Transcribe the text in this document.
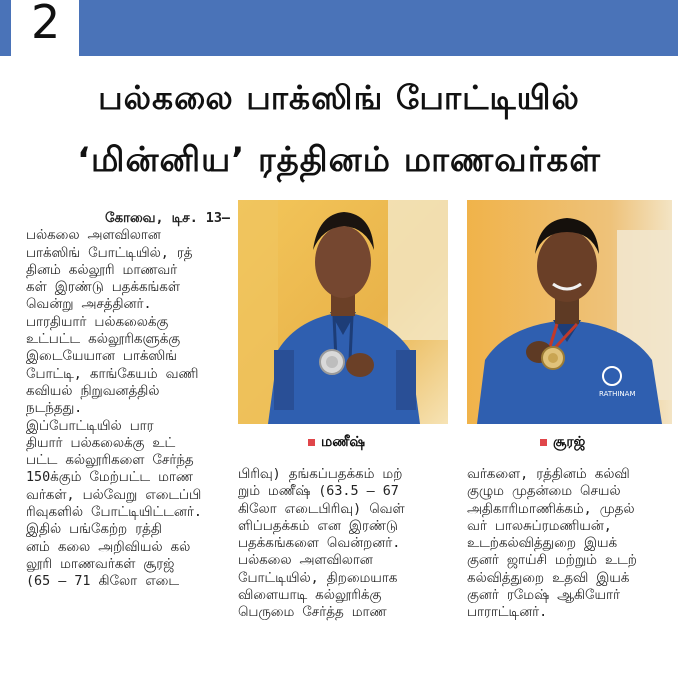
2
பல்கலை பாக்ஸிங் போட்டியில்
‘மின்னிய’ ரத்தினம் மாணவர்கள்

கோவை, டிச. 13–

பல்கலை அளவிலான

பாக்ஸிங் போட்டியில், ரத்

தினம் கல்லூரி மாணவர்

கள் இரண்டு பதக்கங்கள்

வென்று அசத்தினர்.

பாரதியார் பல்கலைக்கு

உட்பட்ட கல்லூரிகளுக்கு

இடையேயான பாக்ஸிங்

போட்டி, காங்கேயம் வணி

கவியல் நிறுவனத்தில்

நடந்தது.

இப்போட்டியில் பார

தியார் பல்கலைக்கு உட்

பட்ட கல்லூரிகளை சேர்ந்த

150க்கும் மேற்பட்ட மாண

வர்கள், பல்வேறு எடைப்பி

ரிவுகளில் போட்டியிட்டனர்.

இதில் பங்கேற்ற ரத்தி

னம் கலை அறிவியல் கல்

லூரி மாணவர்கள் சூரஜ்

(65 – 71 கிலோ எடை

மணீஷ்
RATHINAM
சூரஜ்

பிரிவு) தங்கப்பதக்கம் மற்

றும் மணீஷ் (63.5 – 67

கிலோ எடைபிரிவு) வெள்

ளிப்பதக்கம் என இரண்டு

பதக்கங்களை வென்றனர்.

பல்கலை அளவிலான

போட்டியில், திறமையாக

விளையாடி கல்லூரிக்கு

பெருமை சேர்த்த மாண

வர்களை, ரத்தினம் கல்வி

குழும முதன்மை செயல்

அதிகாரிமாணிக்கம், முதல்

வர் பாலசுப்ரமணியன்,

உடற்கல்வித்துறை இயக்

குனர் ஜாய்சி மற்றும் உடற்

கல்வித்துறை உதவி இயக்

குனர் ரமேஷ் ஆகியோர்

பாராட்டினர்.
